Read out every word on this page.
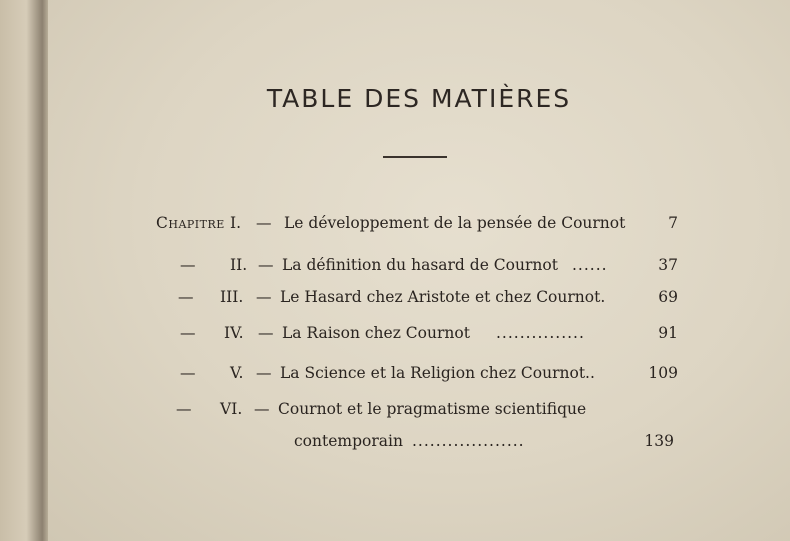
TABLE DES MATIÈRES
Chapitre I. — Le développement de la pensée de Cournot	7
— II. — La définition du hasard de Cournot ......	37
— III. — Le Hasard chez Aristote et chez Cournot.	69
— IV. — La Raison chez Cournot ...............	91
— V. — La Science et la Religion chez Cournot..	109
— VI. — Cournot et le pragmatisme scientifique
contemporain ...................	139
